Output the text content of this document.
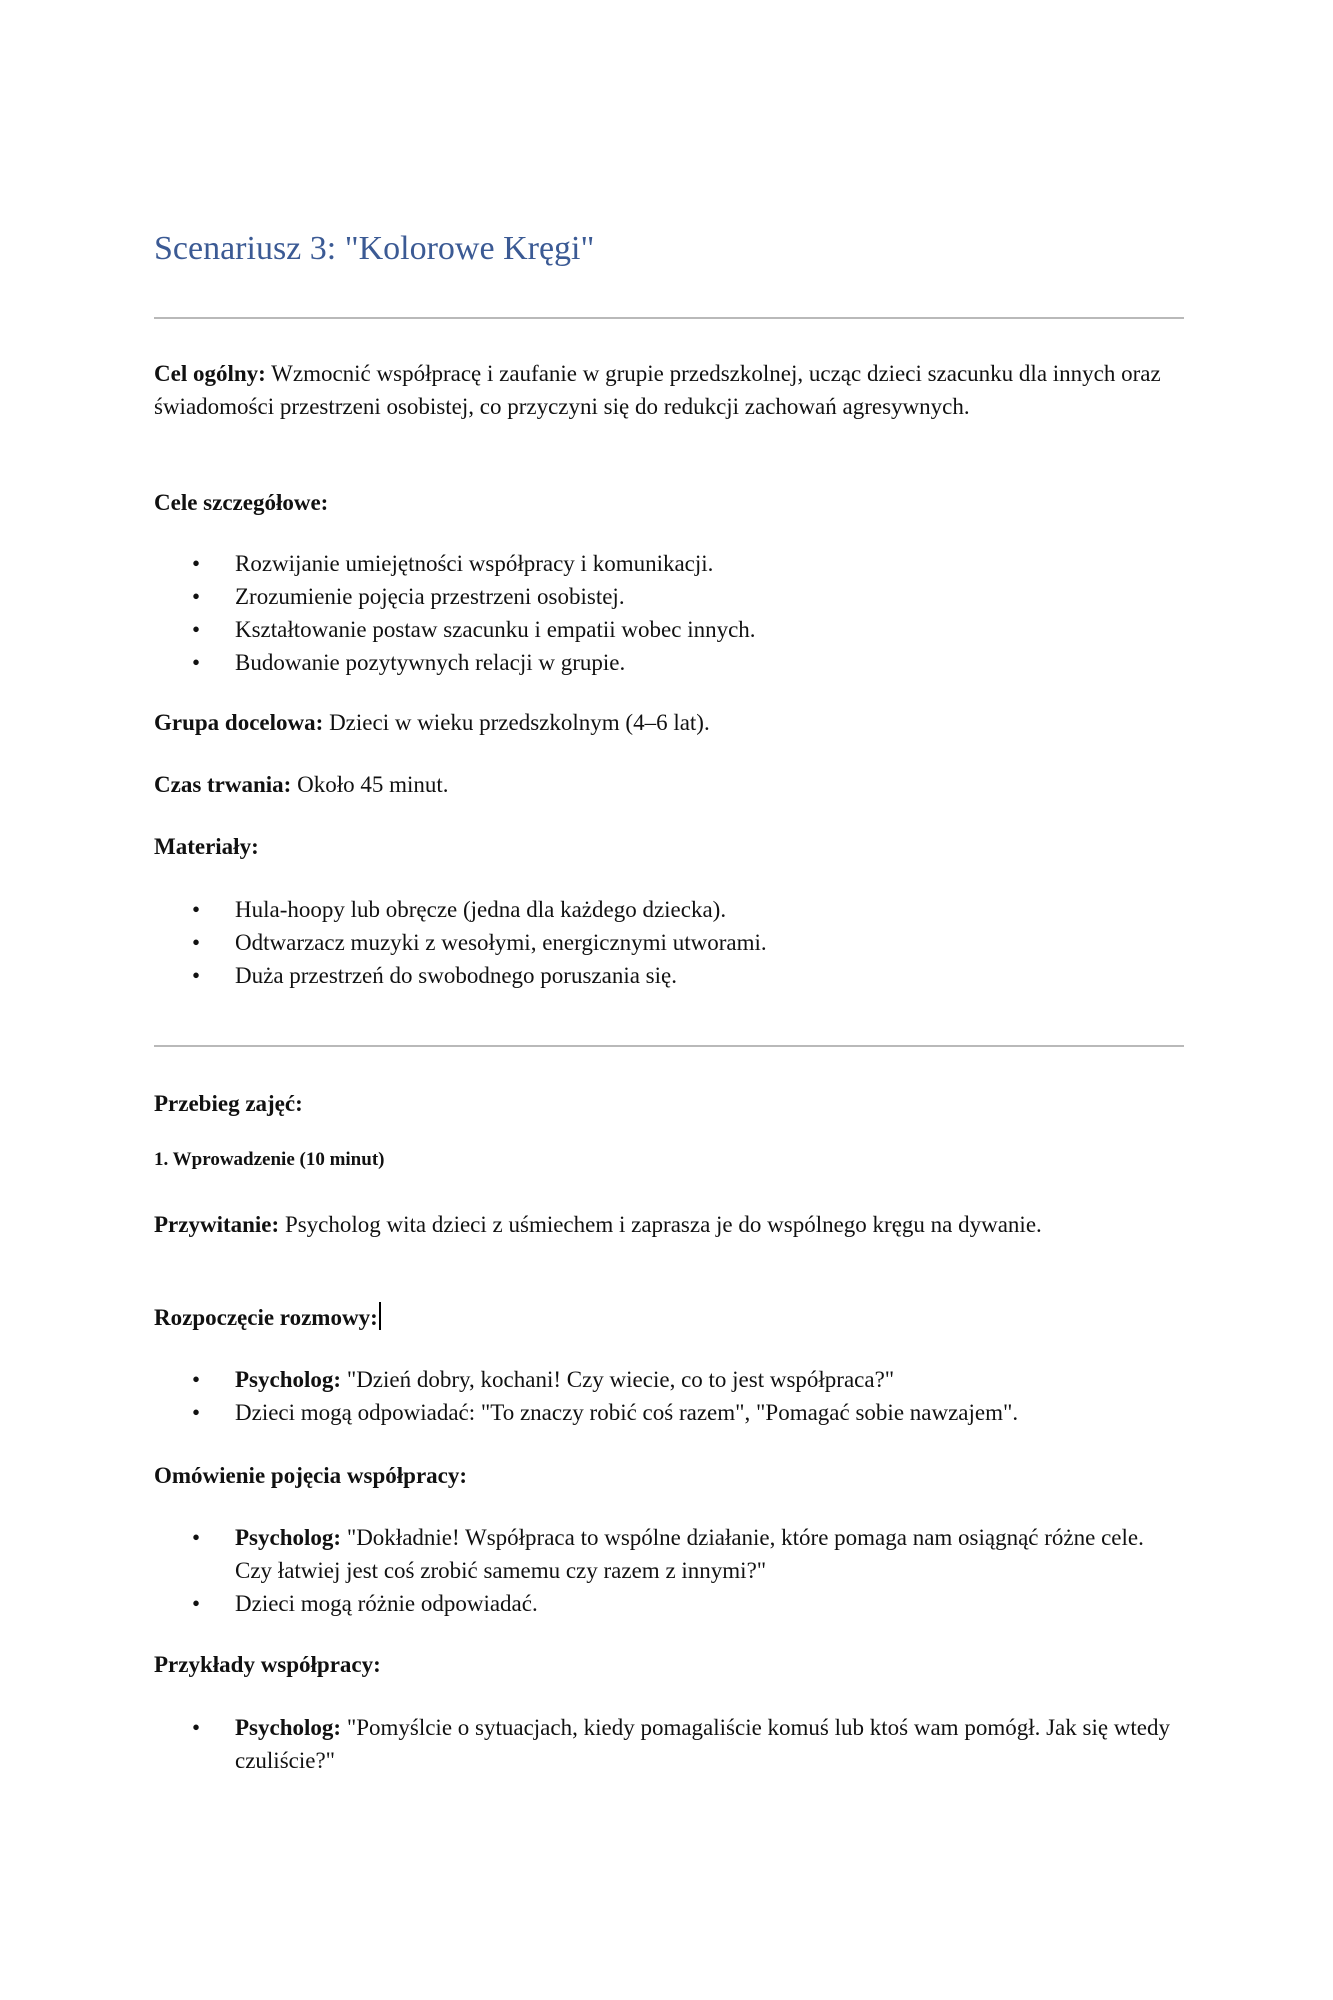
Scenariusz 3: "Kolorowe Kręgi"

Cel ogólny: Wzmocnić współpracę i zaufanie w grupie przedszkolnej, ucząc dzieci szacunku dla innych oraz świadomości przestrzeni osobistej, co przyczyni się do redukcji zachowań agresywnych.

Cele szczegółowe:

• Rozwijanie umiejętności współpracy i komunikacji.
• Zrozumienie pojęcia przestrzeni osobistej.
• Kształtowanie postaw szacunku i empatii wobec innych.
• Budowanie pozytywnych relacji w grupie.

Grupa docelowa: Dzieci w wieku przedszkolnym (4–6 lat).

Czas trwania: Około 45 minut.

Materiały:

• Hula-hoopy lub obręcze (jedna dla każdego dziecka).
• Odtwarzacz muzyki z wesołymi, energicznymi utworami.
• Duża przestrzeń do swobodnego poruszania się.

Przebieg zajęć:

1. Wprowadzenie (10 minut)

Przywitanie: Psycholog wita dzieci z uśmiechem i zaprasza je do wspólnego kręgu na dywanie.

Rozpoczęcie rozmowy:

• Psycholog: "Dzień dobry, kochani! Czy wiecie, co to jest współpraca?"
• Dzieci mogą odpowiadać: "To znaczy robić coś razem", "Pomagać sobie nawzajem".

Omówienie pojęcia współpracy:

• Psycholog: "Dokładnie! Współpraca to wspólne działanie, które pomaga nam osiągnąć różne cele. Czy łatwiej jest coś zrobić samemu czy razem z innymi?"
• Dzieci mogą różnie odpowiadać.

Przykłady współpracy:

• Psycholog: "Pomyślcie o sytuacjach, kiedy pomagaliście komuś lub ktoś wam pomógł. Jak się wtedy czuliście?"
